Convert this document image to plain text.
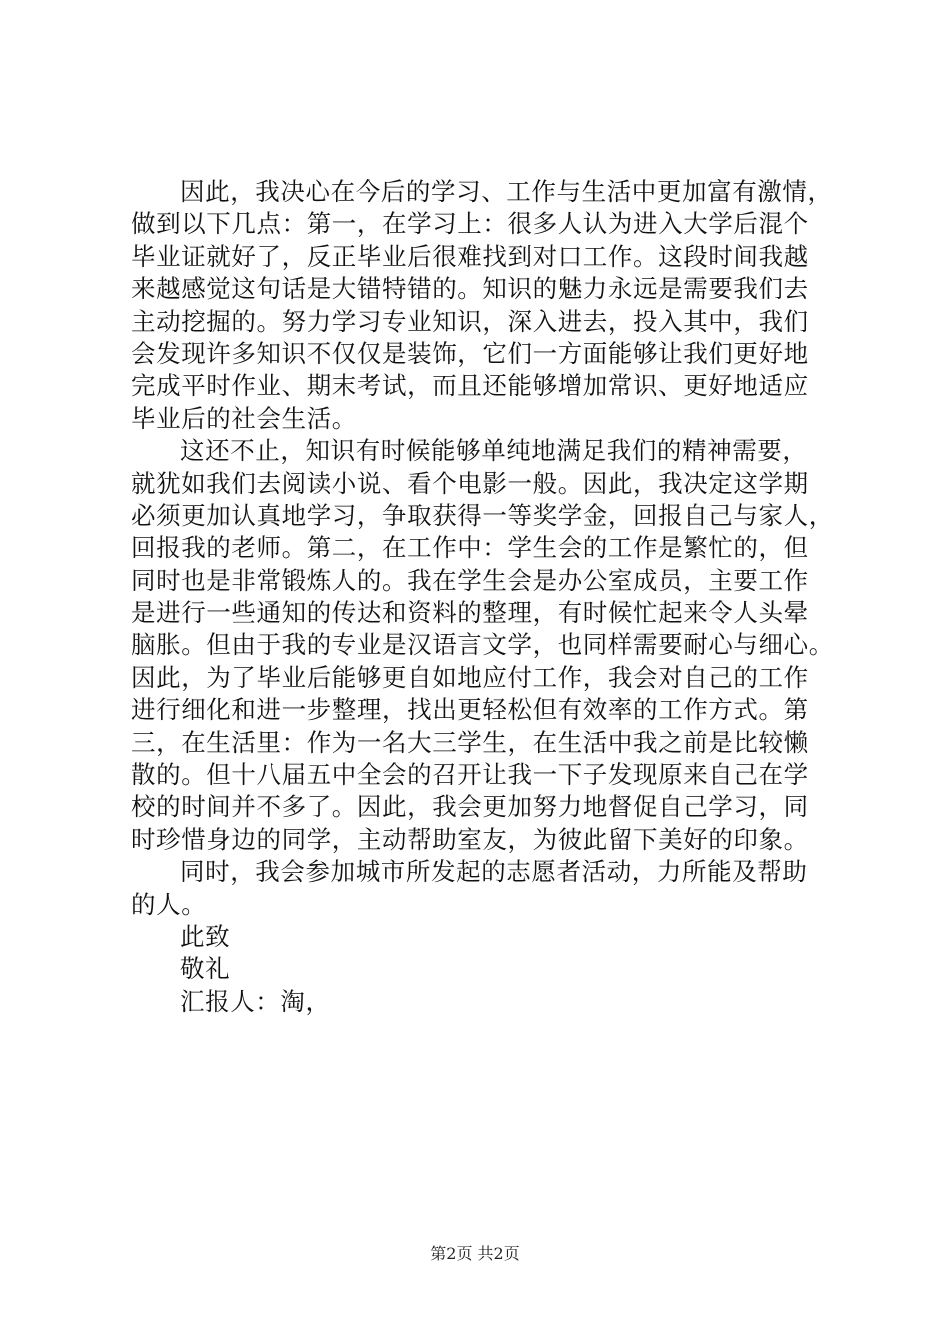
因此，我决心在今后的学习、工作与生活中更加富有激情，
做到以下几点：第一，在学习上：很多人认为进入大学后混个
毕业证就好了，反正毕业后很难找到对口工作。这段时间我越
来越感觉这句话是大错特错的。知识的魅力永远是需要我们去
主动挖掘的。努力学习专业知识，深入进去，投入其中，我们
会发现许多知识不仅仅是装饰，它们一方面能够让我们更好地
完成平时作业、期末考试，而且还能够增加常识、更好地适应
毕业后的社会生活。
这还不止，知识有时候能够单纯地满足我们的精神需要，
就犹如我们去阅读小说、看个电影一般。因此，我决定这学期
必须更加认真地学习，争取获得一等奖学金，回报自己与家人，
回报我的老师。第二，在工作中：学生会的工作是繁忙的，但
同时也是非常锻炼人的。我在学生会是办公室成员，主要工作
是进行一些通知的传达和资料的整理，有时候忙起来令人头晕
脑胀。但由于我的专业是汉语言文学，也同样需要耐心与细心。
因此，为了毕业后能够更自如地应付工作，我会对自己的工作
进行细化和进一步整理，找出更轻松但有效率的工作方式。第
三，在生活里：作为一名大三学生，在生活中我之前是比较懒
散的。但十八届五中全会的召开让我一下子发现原来自己在学
校的时间并不多了。因此，我会更加努力地督促自己学习，同
时珍惜身边的同学，主动帮助室友，为彼此留下美好的印象。
同时，我会参加城市所发起的志愿者活动，力所能及帮助
的人。
此致
敬礼
汇报人：淘，
第2页 共2页
